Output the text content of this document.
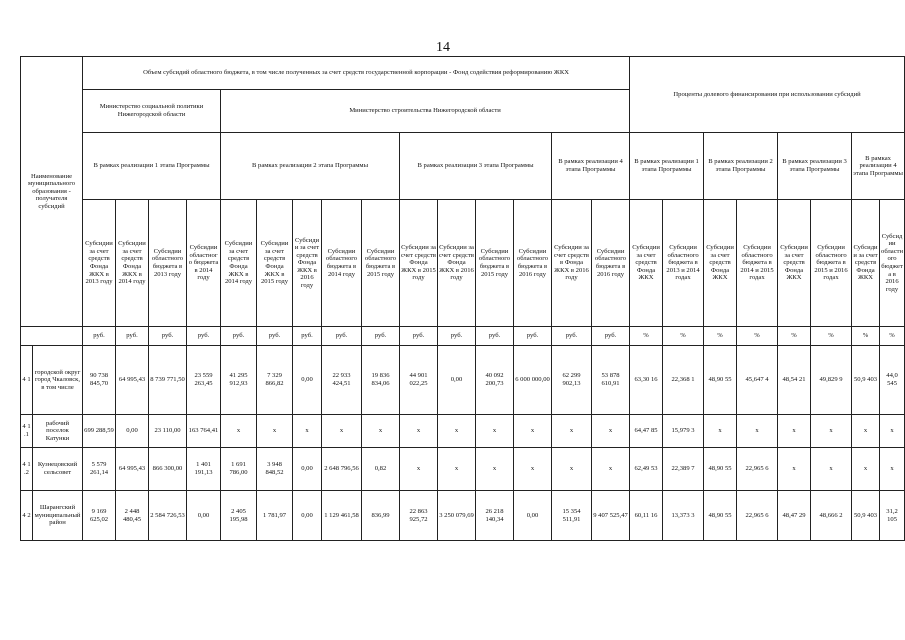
14
Наименование муниципального образования - получателя субсидий		Объем субсидий областного бюджета, в том числе полученных за счет средств государственной корпорации - Фонд содействия реформированию ЖКХ															Проценты долевого финансирования при использовании субсидий							
		Министерство социальной политики Нижегородской области				Министерство строительства Нижегородской области																		
		В рамках реализации 1 этапа Программы				В рамках реализации 2 этапа Программы					В рамках реализации 3 этапа Программы				В рамках реализации 4 этапа Программы		В рамках реализации 1 этапа Программы		В рамках реализации 2 этапа Программы		В рамках реализации 3 этапа Программы		В рамках реализации 4 этапа Программы	
		Субсидии за счет средств Фонда ЖКХ в 2013 году	Субсидии за счет средств Фонда ЖКХ в 2014 году	Субсидии областного бюджета в 2013 году	Субсидии областного бюджета в 2014 году	Субсидии за счет средств Фонда ЖКХ в 2014 году	Субсидии за счет средств Фонда ЖКХ в 2015 году	Субсидии за счет средств Фонда ЖКХ в 2016 году	Субсидии областного бюджета в 2014 году	Субсидии областного бюджета в 2015 году	Субсидии за счет средств Фонда ЖКХ в 2015 году	Субсидии за счет средств Фонда ЖКХ в 2016 году	Субсидии областного бюджета в 2015 году	Субсидии областного бюджета в 2016 году	Субсидии за счет средств в Фонда ЖКХ в 2016 году	Субсидии областного бюджета в 2016 году	Субсидии за счет средств Фонда ЖКХ	Субсидии областного бюджета в 2013 и 2014 годах	Субсидии за счет средств Фонда ЖКХ	Субсидии областного бюджета в 2014 и 2015 годах	Субсидии за счет средств Фонда ЖКХ	Субсидии областного бюджета в 2015 и 2016 годах	Субсидии за счет средств Фонда ЖКХ	Субсидии областного бюджета в 2016 году
		руб.	руб.	руб.	руб.	руб.	руб.	руб.	руб.	руб.	руб.	руб.	руб.	руб.	руб.	руб.	%	%	%	%	%	%	%	%
4 1	городской округ город Чкаловск, в том числе	90 738 845,70	64 995,43	8 739 771,50	23 559 263,45	41 295 912,93	7 329 866,82	0,00	22 933 424,51	19 836 834,06	44 901 022,25	0,00	40 092 200,73	6 000 000,00	62 299 902,13	53 878 610,91	63,30 16	22,368 1	48,90 55	45,647 4	48,54 21	49,829 9	50,9 403	44,0 545
4 1 .1	рабочий поселок Катунки	699 288,59	0,00	23 110,00	163 764,41	x	x	x	x	x	x	x	x	x	x	x	64,47 85	15,979 3	x	x	x	x	x	x
4 1 .2	Кузнецовский сельсовет	5 579 261,14	64 995,43	866 300,00	1 401 191,13	1 691 786,00	3 948 848,52	0,00	2 648 796,56	0,82	x	x	x	x	x	x	62,49 53	22,389 7	48,90 55	22,965 6	x	x	x	x
4 2	Шарангский муниципальный район	9 169 625,02	2 448 480,45	2 584 726,53	0,00	2 405 195,98	1 781,97	0,00	1 129 461,58	836,99	22 863 925,72	3 250 079,69	26 218 140,34	0,00	15 354 511,91	9 407 525,47	60,11 16	13,373 3	48,90 55	22,965 6	48,47 29	48,666 2	50,9 403	31,2 105
